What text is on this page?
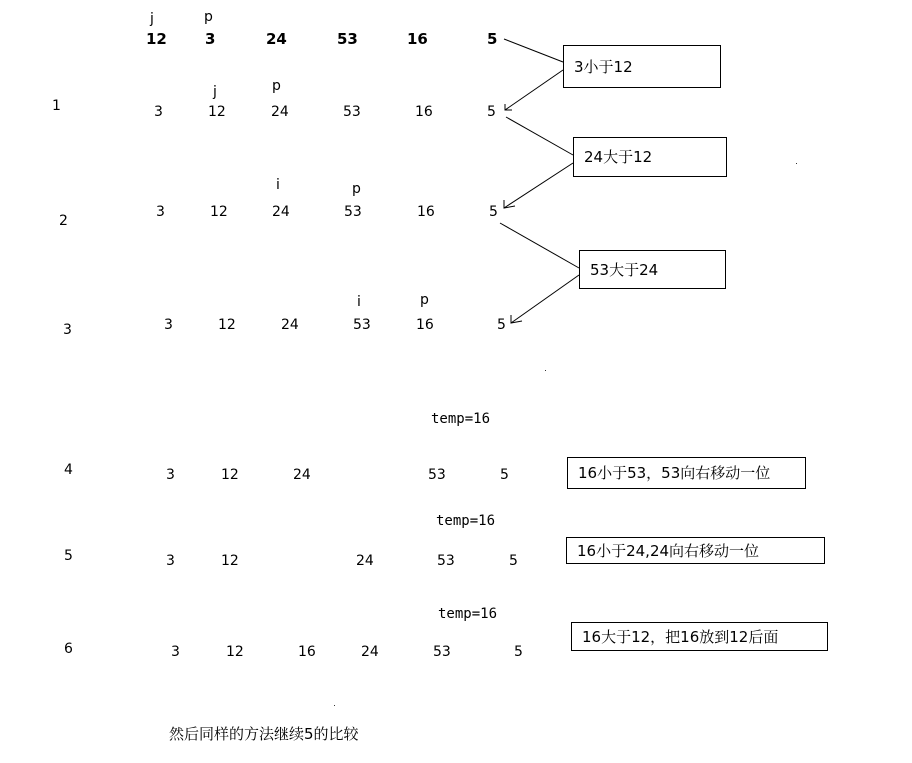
j	p
12	3	24	53	16	5
1
j	p
3	12	24	53	16	5
2
i	p
3	12	24	53	16	5
3
i	p
3	12	24	53	16	5
temp=16
4	3	12	24	53	5
temp=16
5	3	12	24	53	5
temp=16
6	3	12	16	24	53	5
3小于12
24大于12
53大于24
16小于53，53向右移动一位
16小于24,24向右移动一位
16大于12，把16放到12后面
然后同样的方法继续5的比较
